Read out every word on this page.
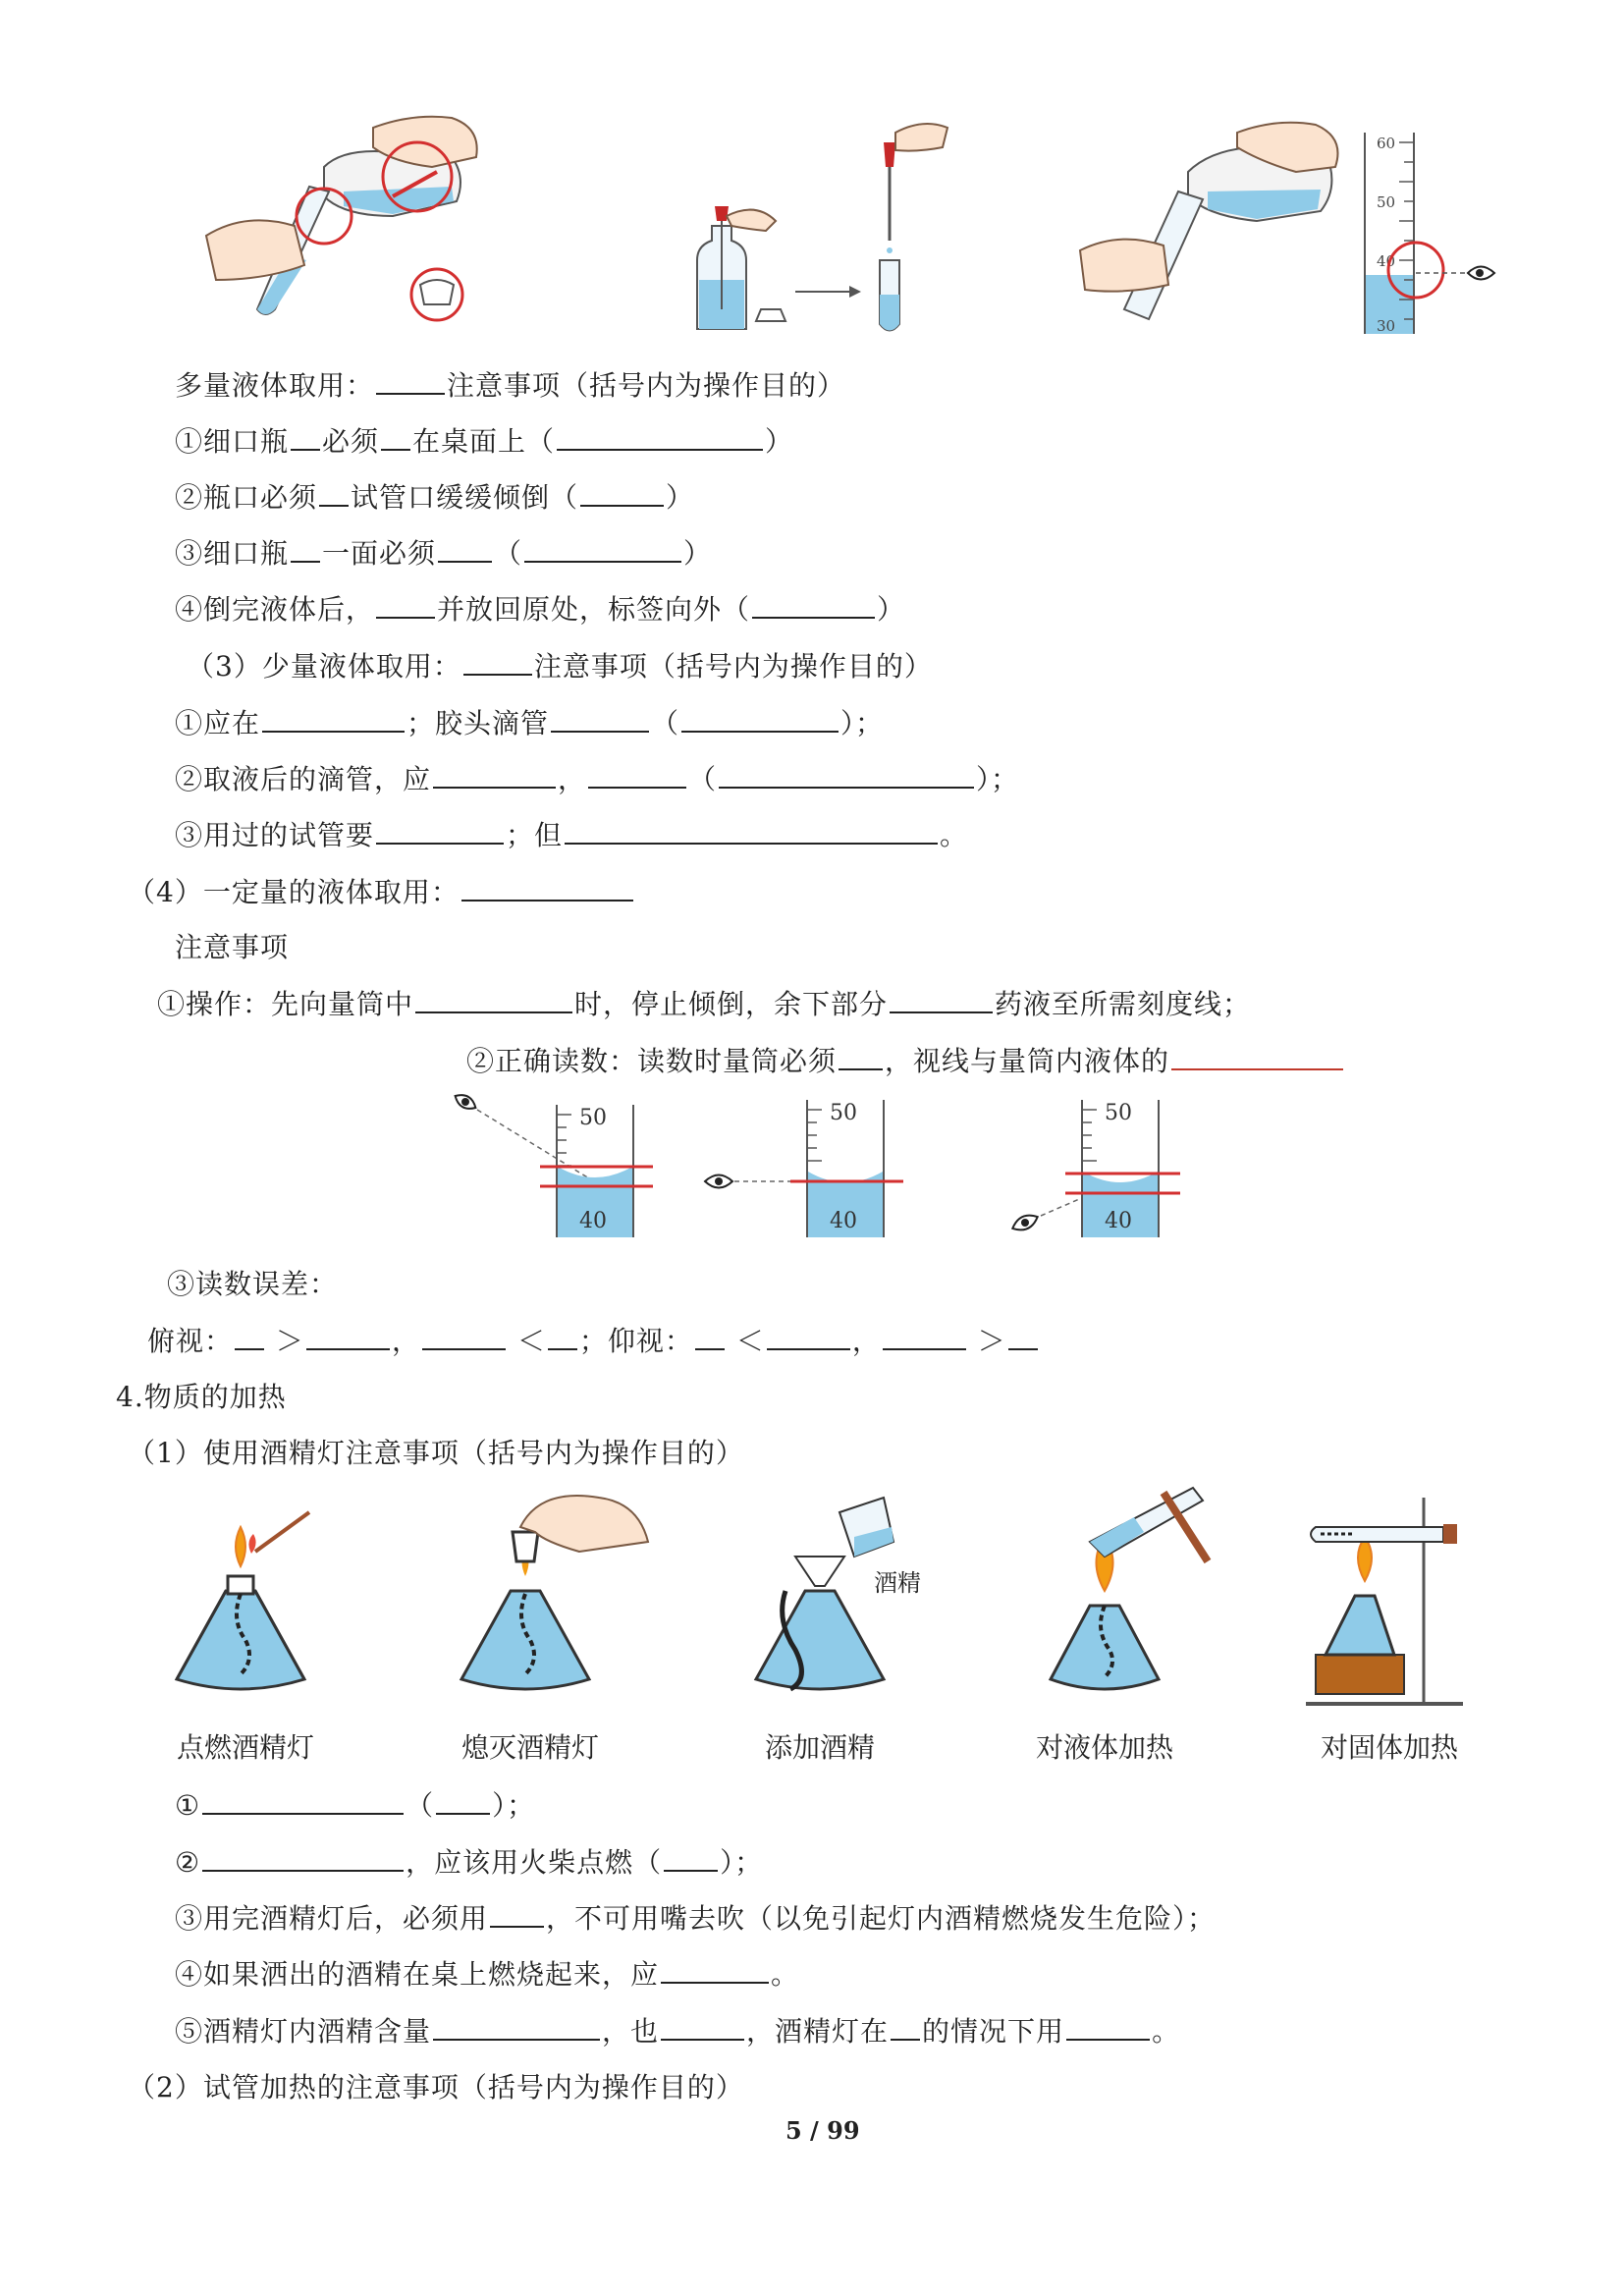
60
50
40
30
多量液体取用：	注意事项（括号内为操作目的）
①细口瓶 必须 在桌面上（	）
②瓶口必须 试管口缓缓倾倒（	）
③细口瓶 一面必须 （	）
④倒完液体后， 并放回原处，标签向外（	）
（3）少量液体取用：	注意事项（括号内为操作目的）
①应在	；胶头滴管	（	）；
②取液后的滴管，应	，	（	）；
③用过的试管要	；但	。
（4）一定量的液体取用：
注意事项
①操作：先向量筒中	时，停止倾倒，余下部分	药液至所需刻度线；
②正确读数：读数时量筒必须 ，视线与量筒内液体的
50
40
50
40
50
40
③读数误差：
俯视： ＞	，	＜ ；仰视： ＜	，	＞
4.物质的加热
（1）使用酒精灯注意事项（括号内为操作目的）
酒精
点燃酒精灯	熄灭酒精灯	添加酒精	对液体加热	对固体加热
①	（ ）；
②	，应该用火柴点燃（ ）；
③用完酒精灯后，必须用 ，不可用嘴去吹（以免引起灯内酒精燃烧发生危险）；
④如果洒出的酒精在桌上燃烧起来，应	。
⑤酒精灯内酒精含量	，也	，酒精灯在 的情况下用	。
（2）试管加热的注意事项（括号内为操作目的）
5 / 99
